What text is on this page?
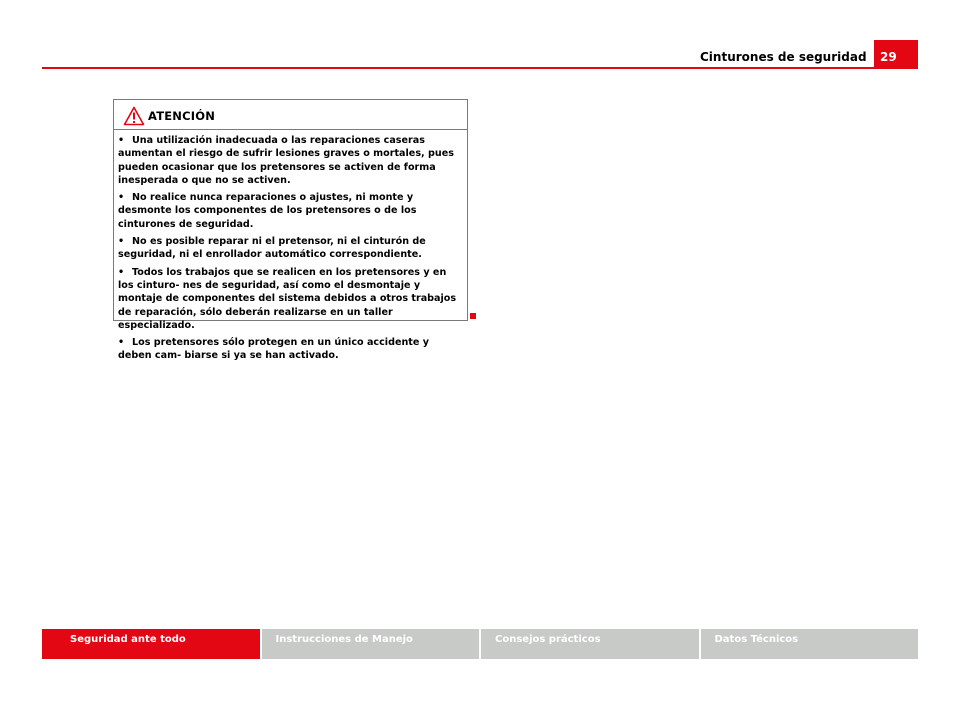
Cinturones de seguridad	29
ATENCIÓN

• Una utilización inadecuada o las reparaciones caseras aumentan el riesgo de sufrir lesiones graves o mortales, pues pueden ocasionar que los pretensores se activen de forma inesperada o que no se activen.

• No realice nunca reparaciones o ajustes, ni monte y desmonte los componentes de los pretensores o de los cinturones de seguridad.

• No es posible reparar ni el pretensor, ni el cinturón de seguridad, ni el enrollador automático correspondiente.

• Todos los trabajos que se realicen en los pretensores y en los cinturo- nes de seguridad, así como el desmontaje y montaje de componentes del sistema debidos a otros trabajos de reparación, sólo deberán realizarse en un taller especializado.

• Los pretensores sólo protegen en un único accidente y deben cam- biarse si ya se han activado.

Seguridad ante todo	Instrucciones de Manejo	Consejos prácticos	Datos Técnicos
